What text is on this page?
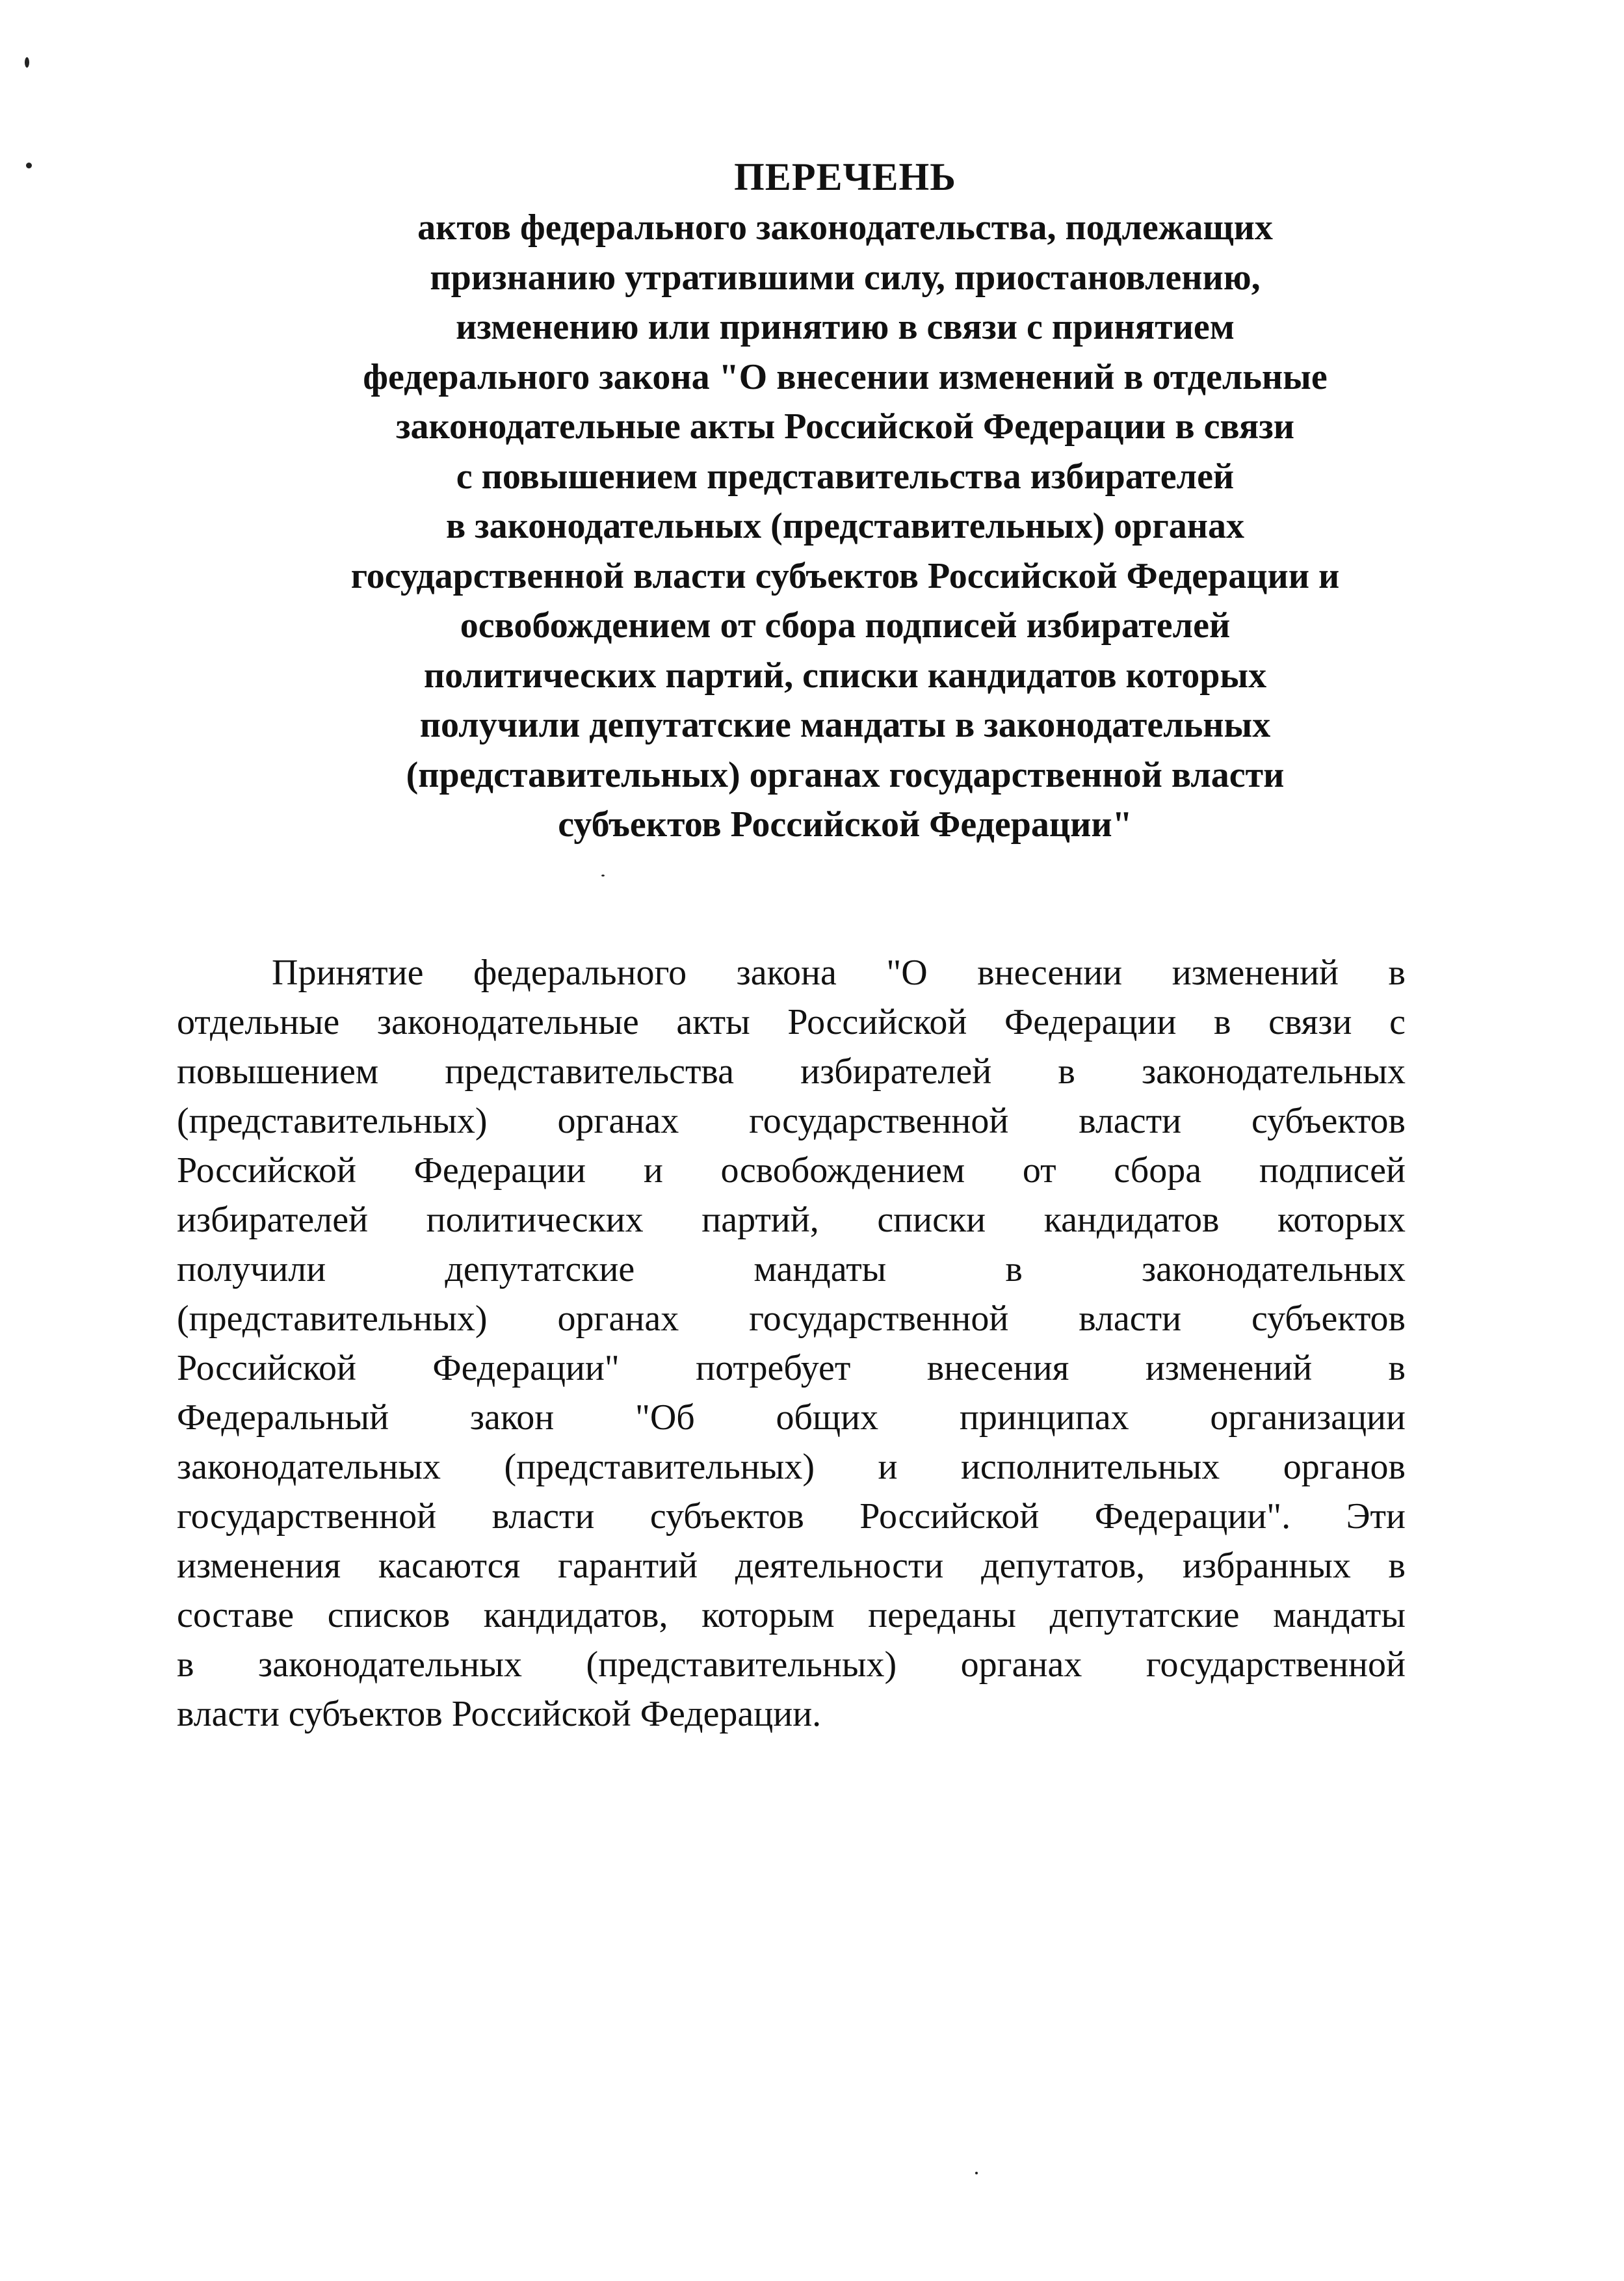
ПЕРЕЧЕНЬ

актов федерального законодательства, подлежащих

признанию утратившими силу, приостановлению,

изменению или принятию в связи с принятием

федерального закона "О внесении изменений в отдельные

законодательные акты Российской Федерации в связи

с повышением представительства избирателей

в законодательных (представительных) органах

государственной власти субъектов Российской Федерации и

освобождением от сбора подписей избирателей

политических партий, списки кандидатов которых

получили депутатские мандаты в законодательных

(представительных) органах государственной власти

субъектов Российской Федерации"

Принятие федерального закона "О внесении изменений в

отдельные законодательные акты Российской Федерации в связи с

повышением представительства избирателей в законодательных

(представительных) органах государственной власти субъектов

Российской Федерации и освобождением от сбора подписей

избирателей политических партий, списки кандидатов которых

получили депутатские мандаты в законодательных

(представительных) органах государственной власти субъектов

Российской Федерации" потребует внесения изменений в

Федеральный закон "Об общих принципах организации

законодательных (представительных) и исполнительных органов

государственной власти субъектов Российской Федерации". Эти

изменения касаются гарантий деятельности депутатов, избранных в

составе списков кандидатов, которым переданы депутатские мандаты

в законодательных (представительных) органах государственной

власти субъектов Российской Федерации.
